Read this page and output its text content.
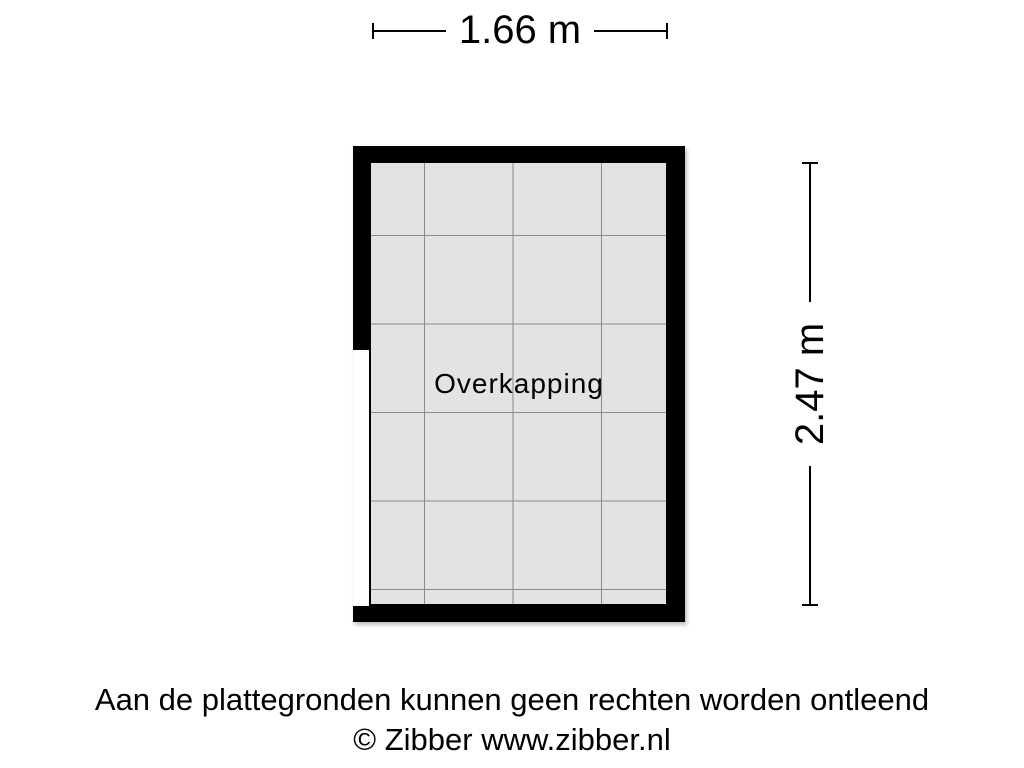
1.66 m
Overkapping	2.47 m
Aan de plattegronden kunnen geen rechten worden ontleend
© Zibber www.zibber.nl
